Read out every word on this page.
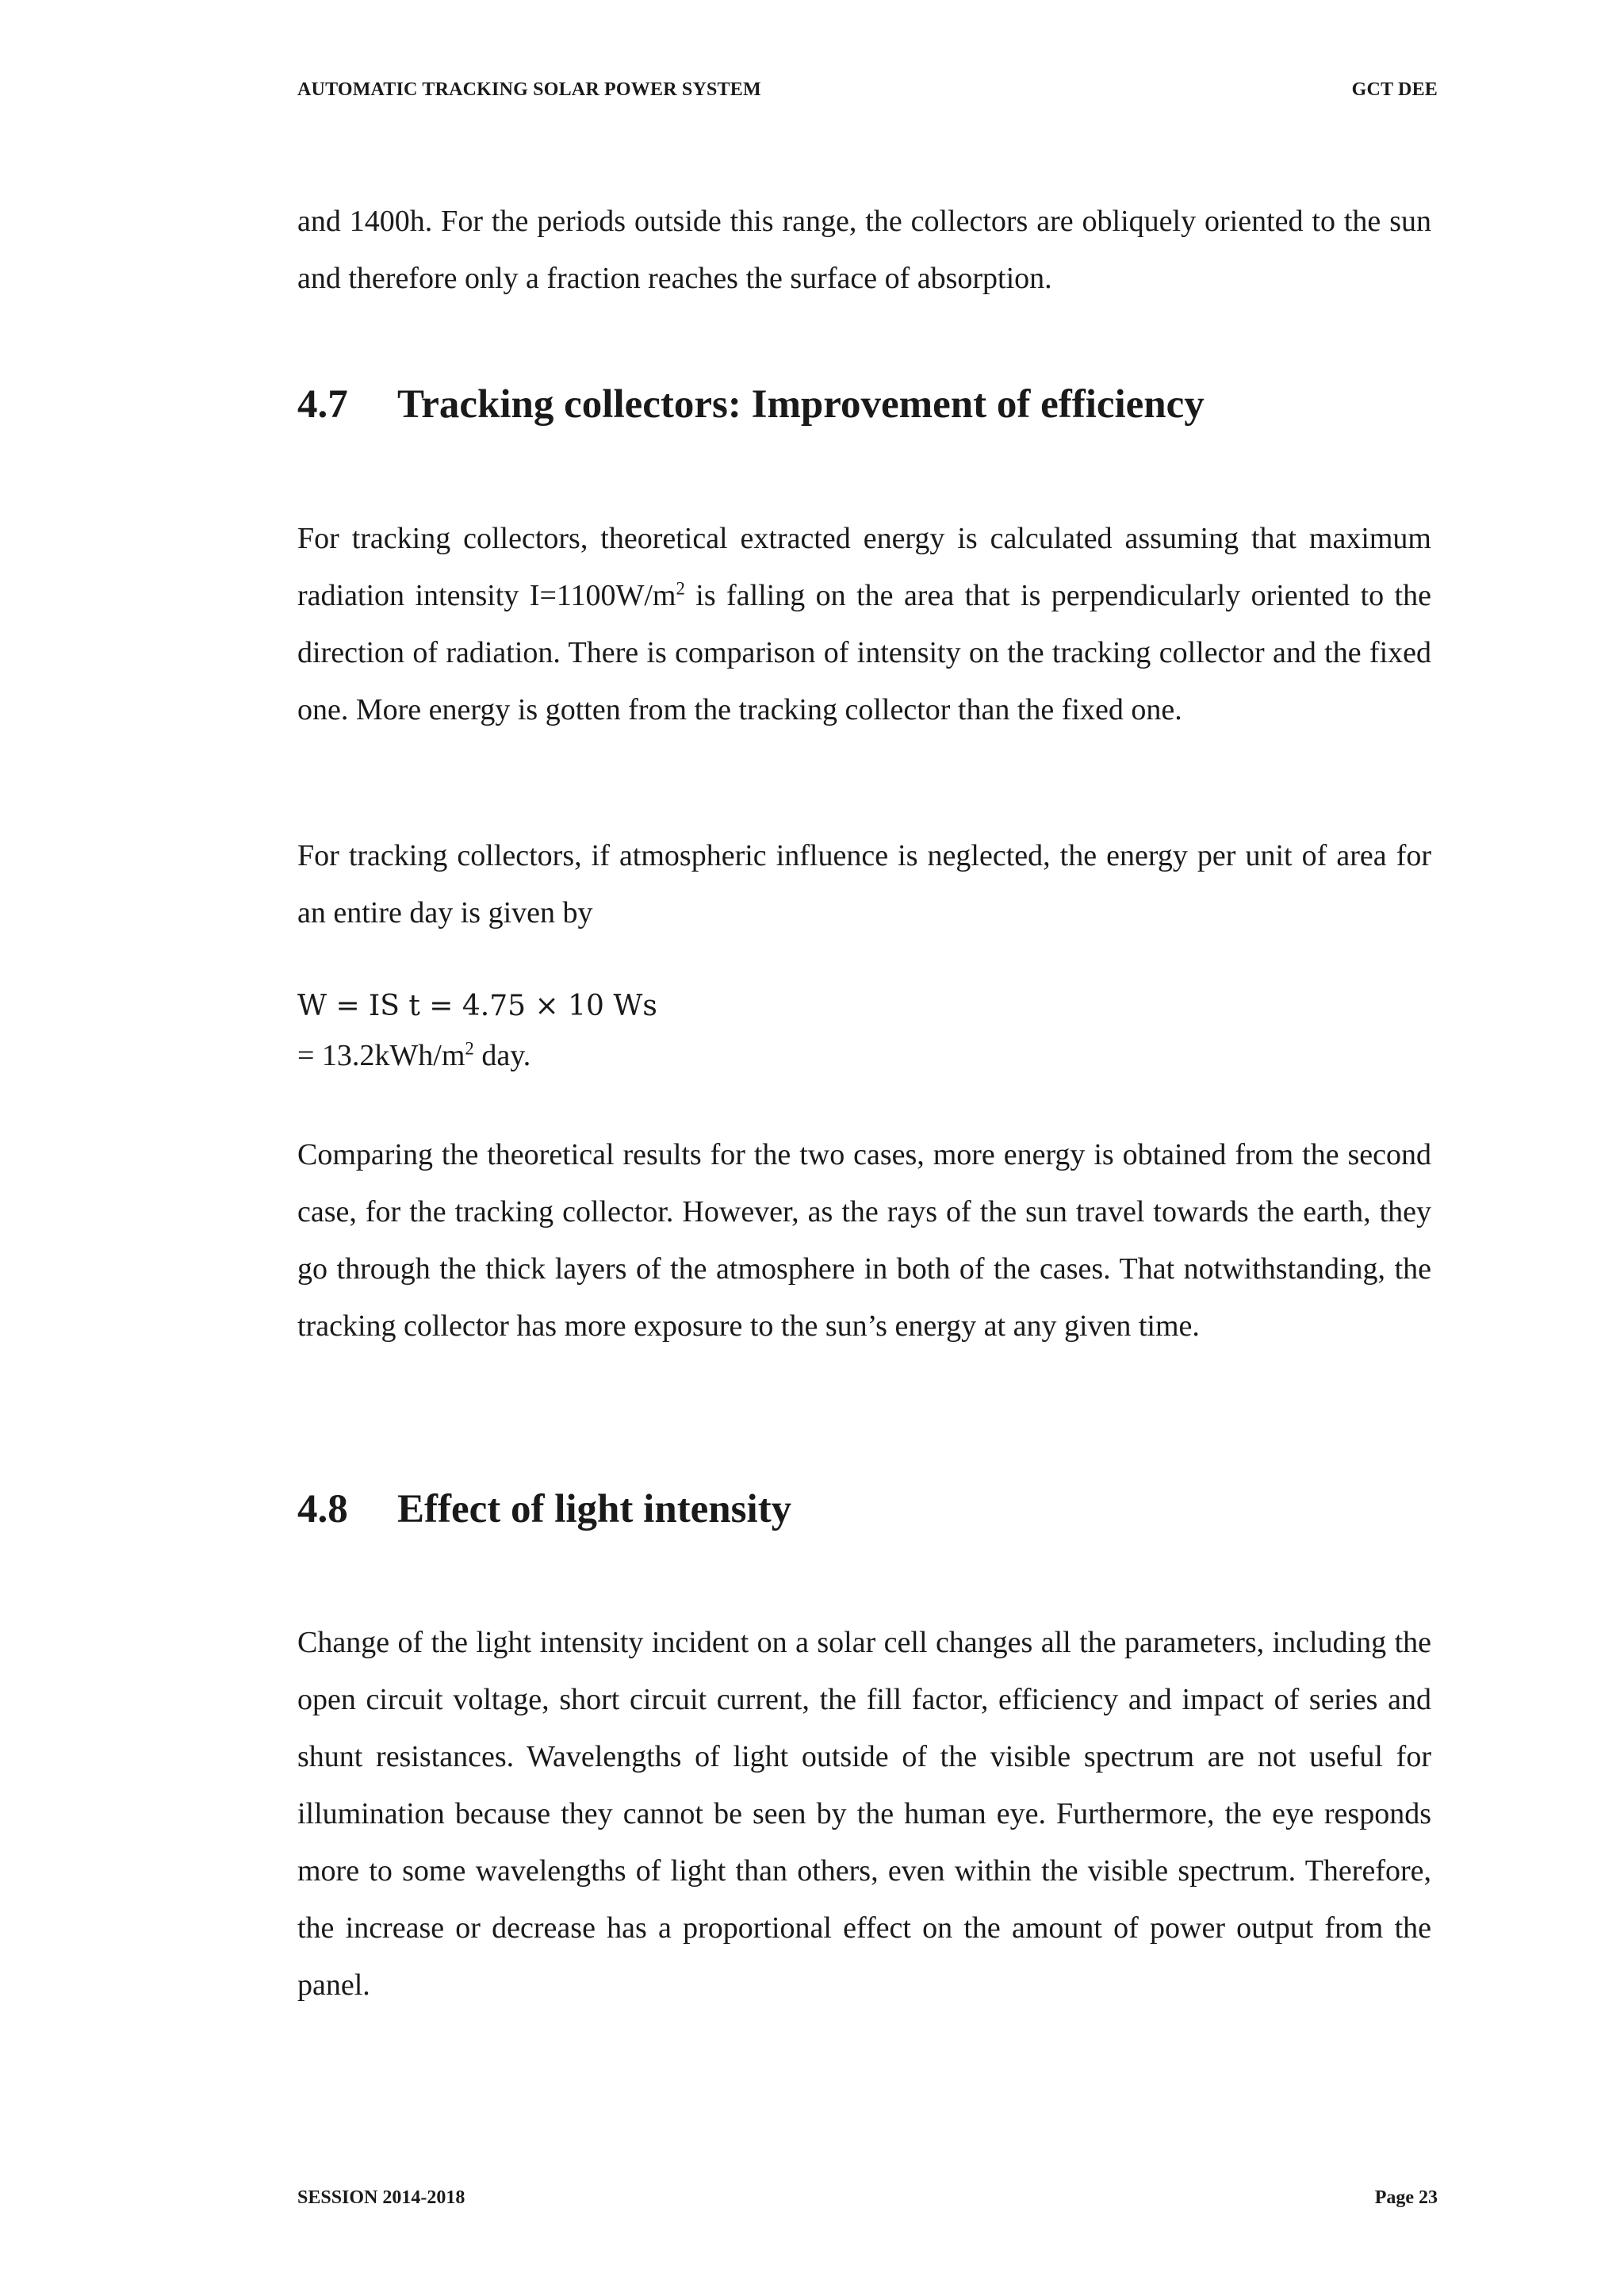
AUTOMATIC TRACKING SOLAR POWER SYSTEM	GCT DEE

and 1400h. For the periods outside this range, the collectors are obliquely oriented to the sun and therefore only a fraction reaches the surface of absorption.

4.7	Tracking collectors: Improvement of efficiency

For tracking collectors, theoretical extracted energy is calculated assuming that maximum radiation intensity $I=1100W/m^2$ is falling on the area that is perpendicularly oriented to the direction of radiation. There is comparison of intensity on the tracking collector and the fixed one. More energy is gotten from the tracking collector than the fixed one.

For tracking collectors, if atmospheric influence is neglected, the energy per unit of area for an entire day is given by

W = IS t = 4.75 × 10 Ws
= $13.2kWh/m^2$ day.

Comparing the theoretical results for the two cases, more energy is obtained from the second case, for the tracking collector. However, as the rays of the sun travel towards the earth, they go through the thick layers of the atmosphere in both of the cases. That notwithstanding, the tracking collector has more exposure to the sun’s energy at any given time.

4.8	Effect of light intensity

Change of the light intensity incident on a solar cell changes all the parameters, including the open circuit voltage, short circuit current, the fill factor, efficiency and impact of series and shunt resistances. Wavelengths of light outside of the visible spectrum are not useful for illumination because they cannot be seen by the human eye. Furthermore, the eye responds more to some wavelengths of light than others, even within the visible spectrum. Therefore, the increase or decrease has a proportional effect on the amount of power output from the panel.

SESSION 2014-2018	Page 23
